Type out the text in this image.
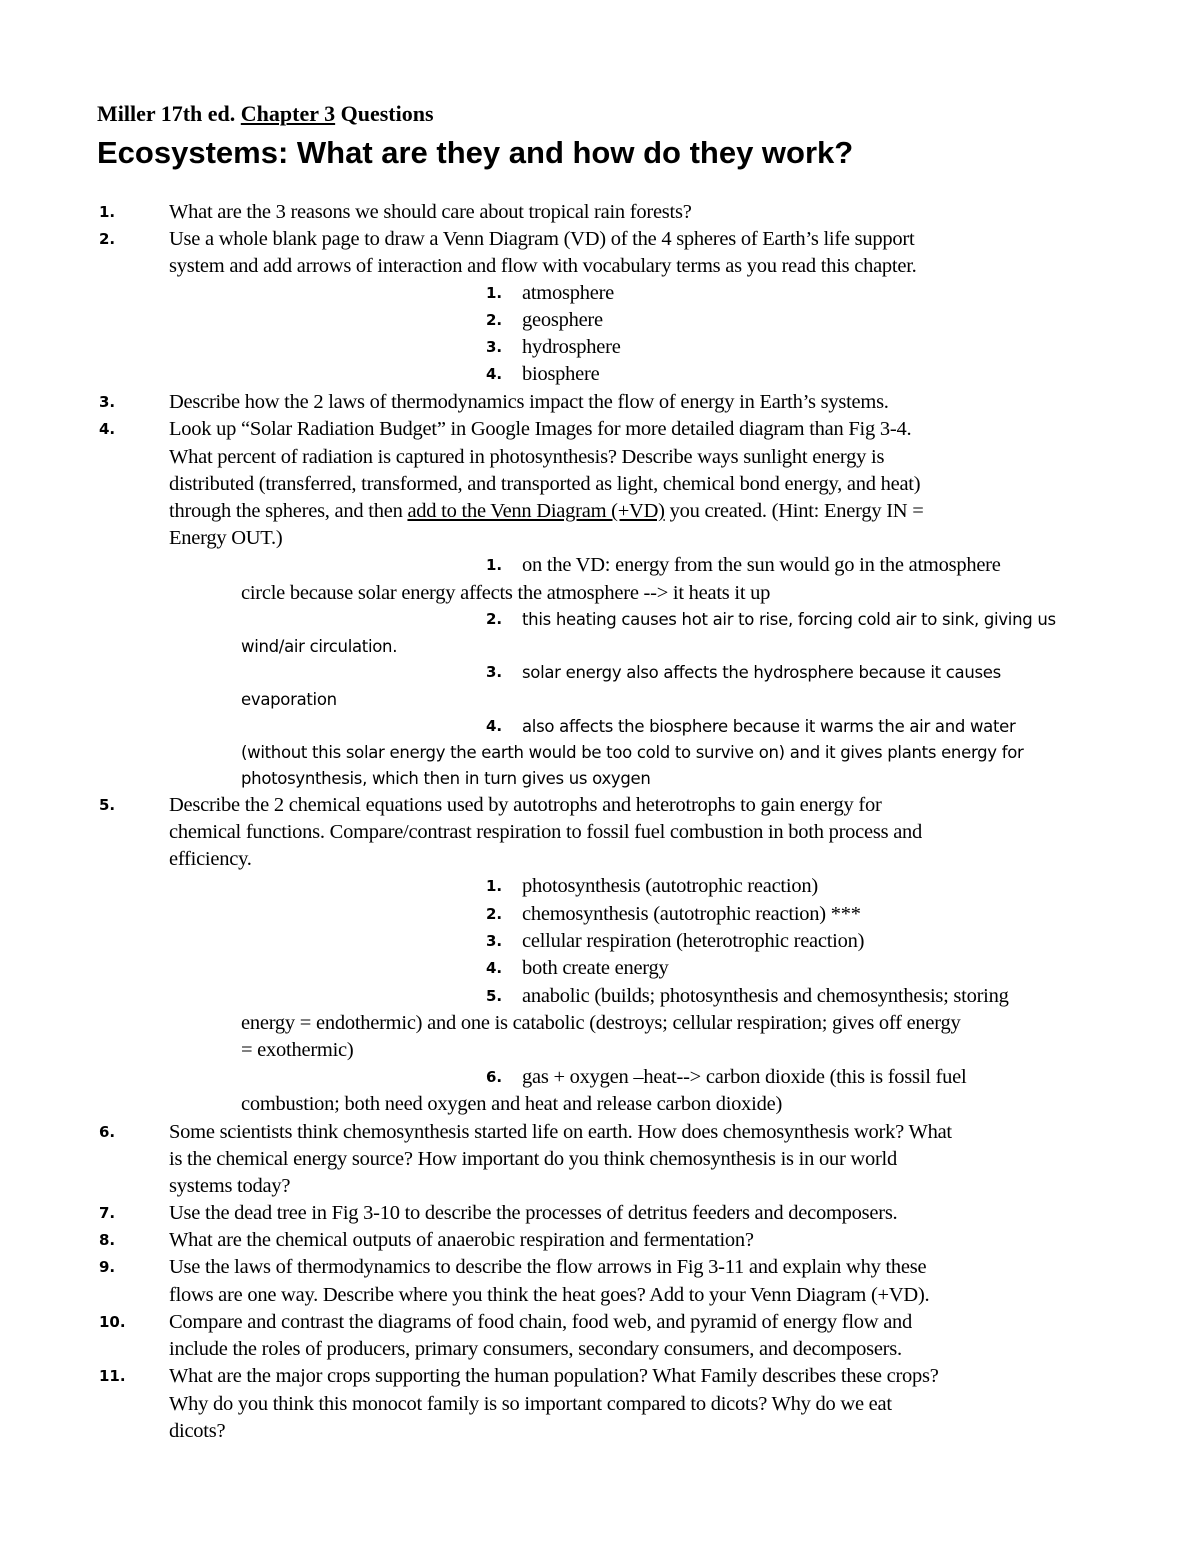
Miller 17th ed. Chapter 3 Questions
Ecosystems: What are they and how do they work?
1.	What are the 3 reasons we should care about tropical rain forests?
2.	Use a whole blank page to draw a Venn Diagram (VD) of the 4 spheres of Earth’s life support
system and add arrows of interaction and flow with vocabulary terms as you read this chapter.
1. atmosphere
2. geosphere
3. hydrosphere
4. biosphere
3.	Describe how the 2 laws of thermodynamics impact the flow of energy in Earth’s systems.
4.	Look up “Solar Radiation Budget” in Google Images for more detailed diagram than Fig 3-4.
What percent of radiation is captured in photosynthesis? Describe ways sunlight energy is
distributed (transferred, transformed, and transported as light, chemical bond energy, and heat)
through the spheres, and then add to the Venn Diagram (+VD) you created. (Hint: Energy IN =
Energy OUT.)
1. on the VD: energy from the sun would go in the atmosphere
circle because solar energy affects the atmosphere --> it heats it up
2. this heating causes hot air to rise, forcing cold air to sink, giving us
wind/air circulation.
3. solar energy also affects the hydrosphere because it causes
evaporation
4. also affects the biosphere because it warms the air and water
(without this solar energy the earth would be too cold to survive on) and it gives plants energy for
photosynthesis, which then in turn gives us oxygen
5.	Describe the 2 chemical equations used by autotrophs and heterotrophs to gain energy for
chemical functions. Compare/contrast respiration to fossil fuel combustion in both process and
efficiency.
1. photosynthesis (autotrophic reaction)
2. chemosynthesis (autotrophic reaction) ***
3. cellular respiration (heterotrophic reaction)
4. both create energy
5. anabolic (builds; photosynthesis and chemosynthesis; storing
energy = endothermic) and one is catabolic (destroys; cellular respiration; gives off energy
= exothermic)
6. gas + oxygen –heat--> carbon dioxide (this is fossil fuel
combustion; both need oxygen and heat and release carbon dioxide)
6.	Some scientists think chemosynthesis started life on earth. How does chemosynthesis work? What
is the chemical energy source? How important do you think chemosynthesis is in our world
systems today?
7.	Use the dead tree in Fig 3-10 to describe the processes of detritus feeders and decomposers.
8.	What are the chemical outputs of anaerobic respiration and fermentation?
9.	Use the laws of thermodynamics to describe the flow arrows in Fig 3-11 and explain why these
flows are one way. Describe where you think the heat goes? Add to your Venn Diagram (+VD).
10. Compare and contrast the diagrams of food chain, food web, and pyramid of energy flow and
include the roles of producers, primary consumers, secondary consumers, and decomposers.
11. What are the major crops supporting the human population? What Family describes these crops?
Why do you think this monocot family is so important compared to dicots? Why do we eat
dicots?
